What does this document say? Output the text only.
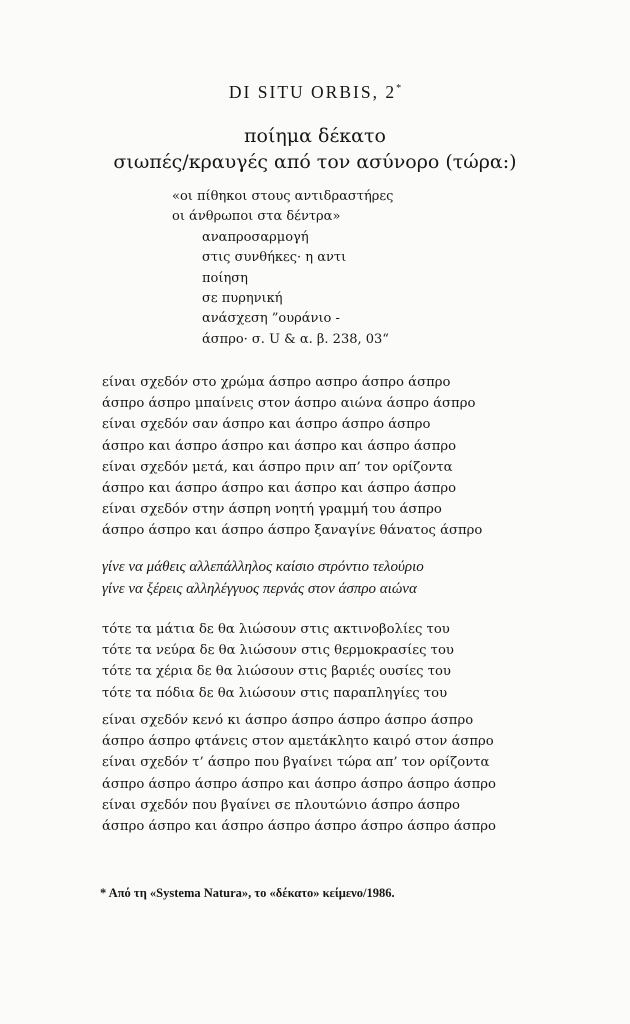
DI SITU ORBIS, 2*
ποίημα δέκατο
σιωπές/κραυγές από τον ασύνορο (τώρα:)
«οι πίθηκοι στους αντιδραστήρες
οι άνθρωποι στα δέντρα»
αναπροσαρμογή
στις συνθήκες· η αντι
ποίηση
σε πυρηνική
ανάσχεση ”ουράνιο -
άσπρο· σ. U & α. β. 238, 03“
είναι σχεδόν στο χρώμα άσπρο ασπρο άσπρο άσπρο
άσπρο άσπρο μπαίνεις στον άσπρο αιώνα άσπρο άσπρο
είναι σχεδόν σαν άσπρο και άσπρο άσπρο άσπρο
άσπρο και άσπρο άσπρο και άσπρο και άσπρο άσπρο
είναι σχεδόν μετά, και άσπρο πριν απ’ τον ορίζοντα
άσπρο και άσπρο άσπρο και άσπρο και άσπρο άσπρο
είναι σχεδόν στην άσπρη νοητή γραμμή του άσπρο
άσπρο άσπρο και άσπρο άσπρο ξαναγίνε θάνατος άσπρο
γίνε να μάθεις αλλεπάλληλος καίσιο στρόντιο τελούριο
γίνε να ξέρεις αλληλέγγυος περνάς στον άσπρο αιώνα
τότε τα μάτια δε θα λιώσουν στις ακτινοβολίες του
τότε τα νεύρα δε θα λιώσουν στις θερμοκρασίες του
τότε τα χέρια δε θα λιώσουν στις βαριές ουσίες του
τότε τα πόδια δε θα λιώσουν στις παραπληγίες του
είναι σχεδόν κενό κι άσπρο άσπρο άσπρο άσπρο άσπρο
άσπρο άσπρο φτάνεις στον αμετάκλητο καιρό στον άσπρο
είναι σχεδόν τ’ άσπρο που βγαίνει τώρα απ’ τον ορίζοντα
άσπρο άσπρο άσπρο άσπρο και άσπρο άσπρο άσπρο άσπρο
είναι σχεδόν που βγαίνει σε πλουτώνιο άσπρο άσπρο
άσπρο άσπρο και άσπρο άσπρο άσπρο άσπρο άσπρο άσπρο
* Από τη «Systema Natura», το «δέκατο» κείμενο/1986.
